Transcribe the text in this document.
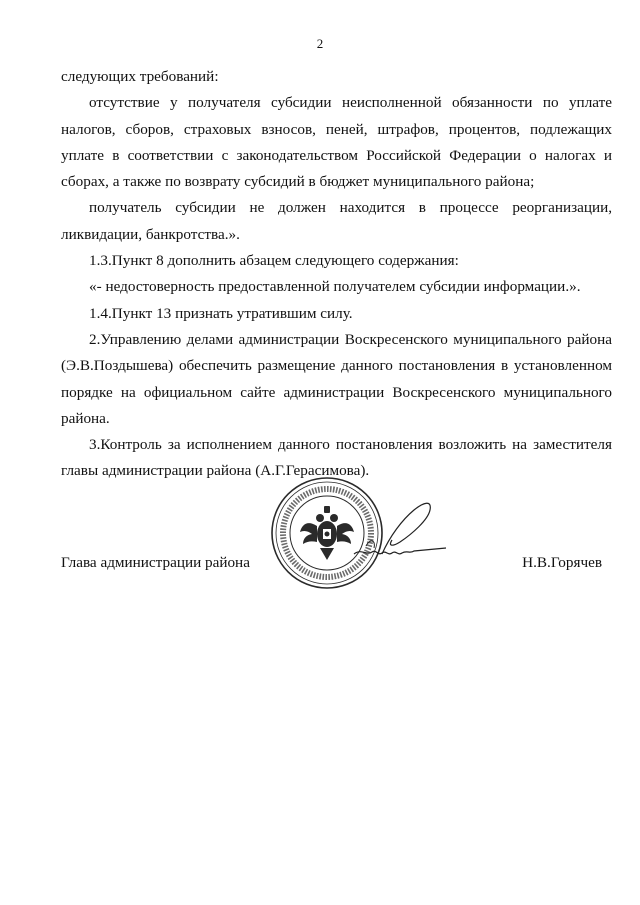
2

следующих требований:

отсутствие у получателя субсидии неисполненной обязанности по уплате налогов, сборов, страховых взносов, пеней, штрафов, процентов, подлежащих уплате в соответствии с законодательством Российской Федерации о налогах и сборах, а также по возврату субсидий в бюджет муниципального района;

получатель субсидии не должен находится в процессе реорганизации, ликвидации, банкротства.».

1.3.Пункт 8 дополнить абзацем следующего содержания:

«- недостоверность предоставленной получателем субсидии информации.».

1.4.Пункт 13 признать утратившим силу.

2.Управлению делами администрации Воскресенского муниципального района (Э.В.Поздышева) обеспечить размещение данного постановления в установленном порядке на официальном сайте администрации Воскресенского муниципального района.

3.Контроль за исполнением данного постановления возложить на заместителя главы администрации района (А.Г.Герасимова).

Глава администрации района	Н.В.Горячев
